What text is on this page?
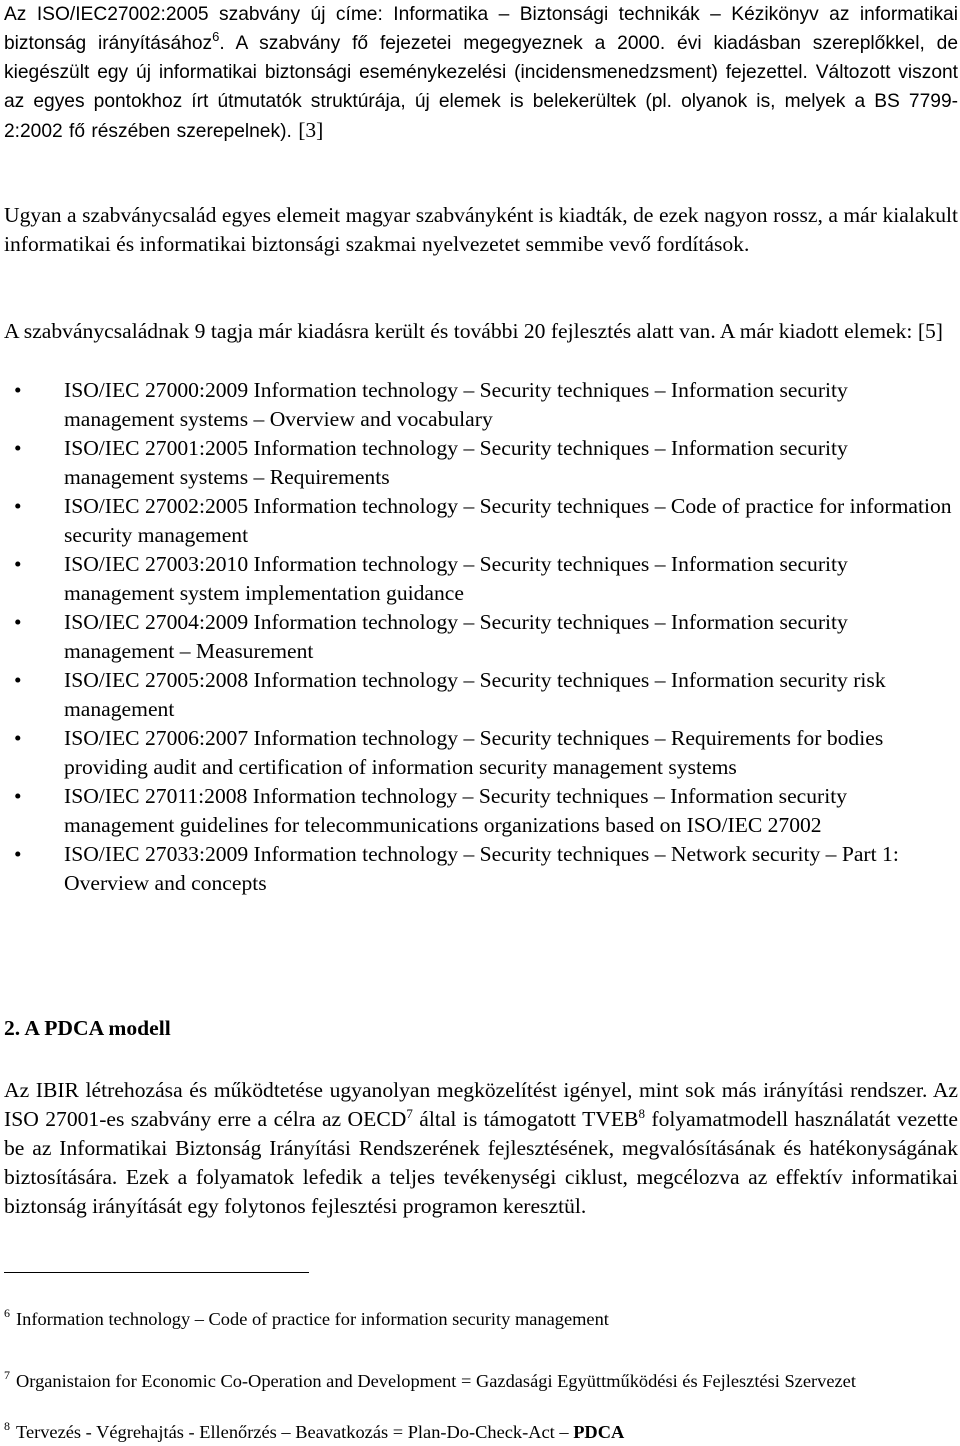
Az ISO/IEC27002:2005 szabvány új címe: Informatika – Biztonsági technikák – Kézikönyv az informatikai biztonság irányításához$^6$. A szabvány fő fejezetei megegyeznek a 2000. évi kiadásban szereplőkkel, de kiegészült egy új informatikai biztonsági eseménykezelési (incidensmenedzsment) fejezettel. Változott viszont az egyes pontokhoz írt útmutatók struktúrája, új elemek is belekerültek (pl. olyanok is, melyek a BS 7799-2:2002 fő részében szerepelnek). [3]
Ugyan a szabványcsalád egyes elemeit magyar szabványként is kiadták, de ezek nagyon rossz, a már kialakult informatikai és informatikai biztonsági szakmai nyelvezetet semmibe vevő fordítások.
A szabványcsaládnak 9 tagja már kiadásra került és további 20 fejlesztés alatt van. A már kiadott elemek: [5]
• ISO/IEC 27000:2009 Information technology – Security techniques – Information security management systems – Overview and vocabulary
• ISO/IEC 27001:2005 Information technology – Security techniques – Information security management systems – Requirements
• ISO/IEC 27002:2005 Information technology – Security techniques – Code of practice for information security management
• ISO/IEC 27003:2010 Information technology – Security techniques – Information security management system implementation guidance
• ISO/IEC 27004:2009 Information technology – Security techniques – Information security management – Measurement
• ISO/IEC 27005:2008 Information technology – Security techniques – Information security risk management
• ISO/IEC 27006:2007 Information technology – Security techniques – Requirements for bodies providing audit and certification of information security management systems
• ISO/IEC 27011:2008 Information technology – Security techniques – Information security management guidelines for telecommunications organizations based on ISO/IEC 27002
• ISO/IEC 27033:2009 Information technology – Security techniques – Network security – Part 1: Overview and concepts
2. A PDCA modell
Az IBIR létrehozása és működtetése ugyanolyan megközelítést igényel, mint sok más irányítási rendszer. Az ISO 27001-es szabvány erre a célra az OECD$^7$ által is támogatott TVEB$^8$ folyamatmodell használatát vezette be az Informatikai Biztonság Irányítási Rendszerének fejlesztésének, megvalósításának és hatékonyságának biztosítására. Ezek a folyamatok lefedik a teljes tevékenységi ciklust, megcélozva az effektív informatikai biztonság irányítását egy folytonos fejlesztési programon keresztül.
$^6$ Information technology – Code of practice for information security management
$^7$ Organistaion for Economic Co-Operation and Development = Gazdasági Együttműködési és Fejlesztési Szervezet
$^8$ Tervezés - Végrehajtás - Ellenőrzés – Beavatkozás = Plan-Do-Check-Act – PDCA
